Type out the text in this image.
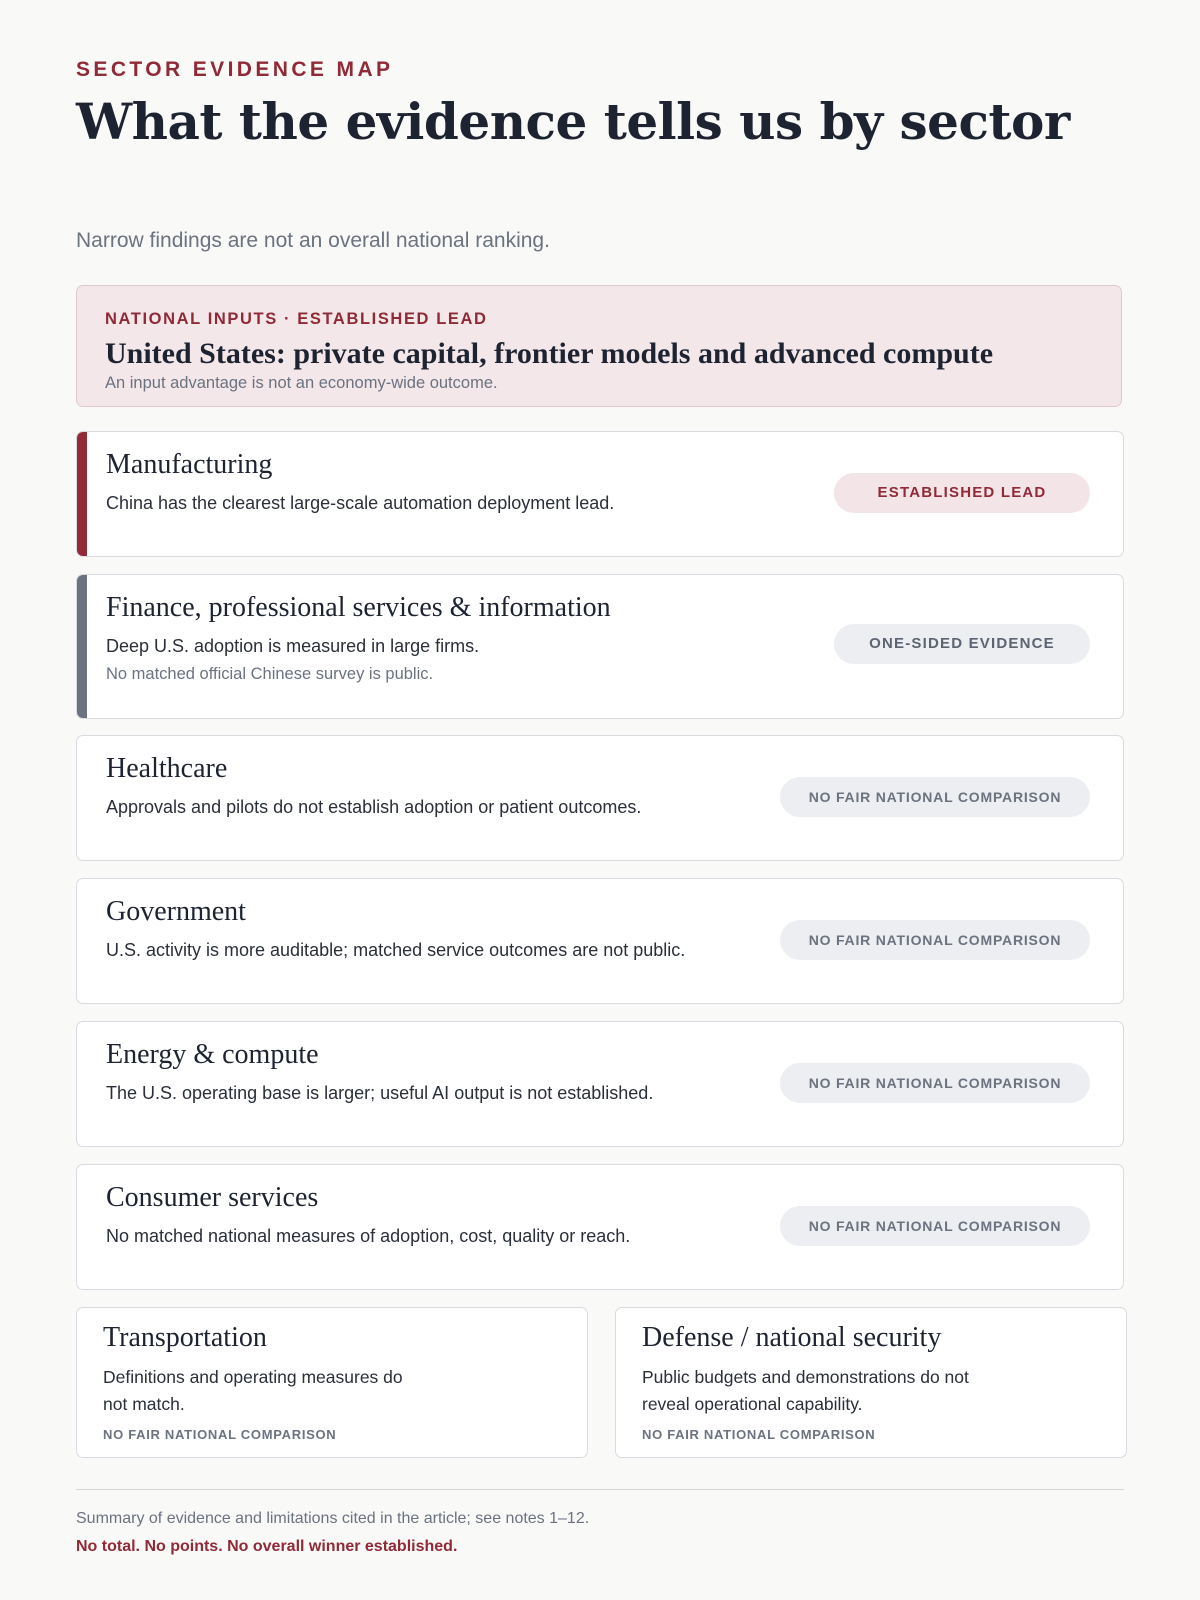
SECTOR EVIDENCE MAP
What the evidence tells us by sector
Narrow findings are not an overall national ranking.
NATIONAL INPUTS · ESTABLISHED LEAD
United States: private capital, frontier models and advanced compute
An input advantage is not an economy-wide outcome.
Manufacturing
China has the clearest large-scale automation deployment lead.
ESTABLISHED LEAD
Finance, professional services & information
Deep U.S. adoption is measured in large firms.
No matched official Chinese survey is public.
ONE-SIDED EVIDENCE
Healthcare
Approvals and pilots do not establish adoption or patient outcomes.	NO FAIR NATIONAL COMPARISON
Government
U.S. activity is more auditable; matched service outcomes are not public.	NO FAIR NATIONAL COMPARISON
Energy & compute
The U.S. operating base is larger; useful AI output is not established.	NO FAIR NATIONAL COMPARISON
Consumer services
No matched national measures of adoption, cost, quality or reach.	NO FAIR NATIONAL COMPARISON
Transportation
Definitions and operating measures do not match.
NO FAIR NATIONAL COMPARISON
Defense / national security
Public budgets and demonstrations do not reveal operational capability.
NO FAIR NATIONAL COMPARISON
Summary of evidence and limitations cited in the article; see notes 1–12.
No total. No points. No overall winner established.
